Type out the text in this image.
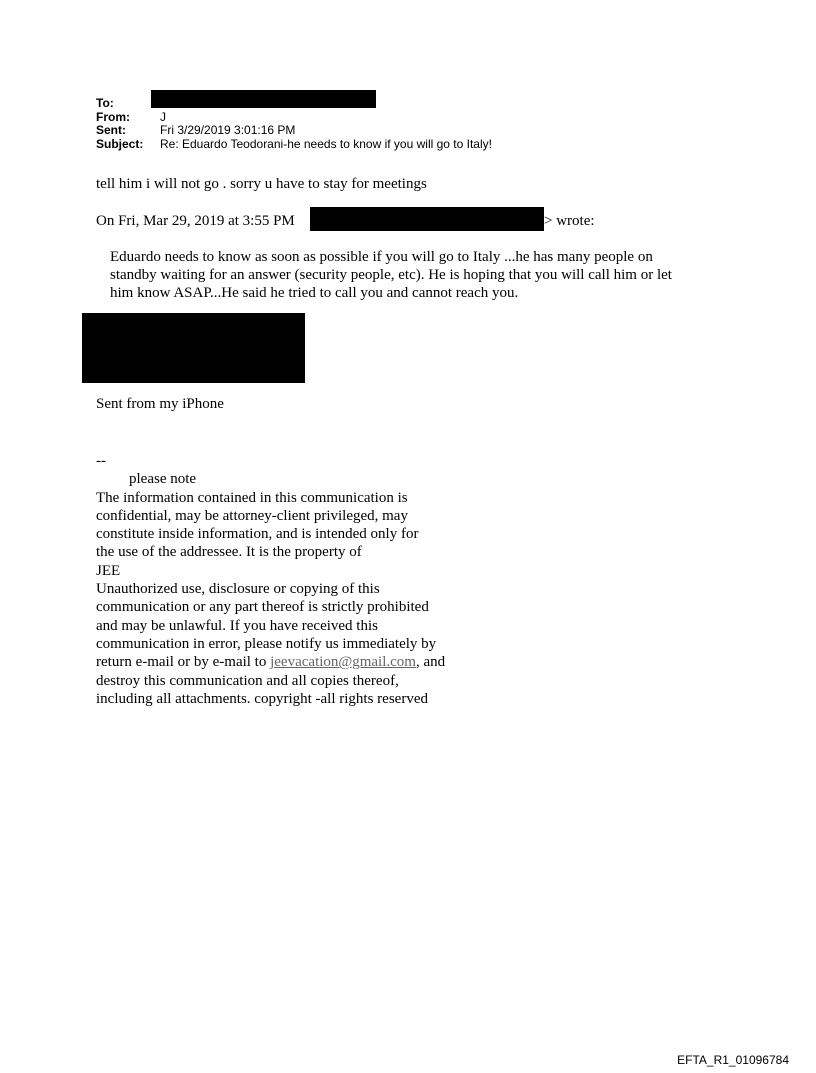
To:
From:	J
Sent:	Fri 3/29/2019 3:01:16 PM
Subject: Re: Eduardo Teodorani-he needs to know if you will go to Italy!
tell him i will not go . sorry u have to stay for meetings
On Fri, Mar 29, 2019 at 3:55 PM	> wrote:
Eduardo needs to know as soon as possible if you will go to Italy ...he has many people on
standby waiting for an answer (security people, etc). He is hoping that you will call him or let
him know ASAP...He said he tried to call you and cannot reach you.
Sent from my iPhone
--
please note
The information contained in this communication is
confidential, may be attorney-client privileged, may
constitute inside information, and is intended only for
the use of the addressee. It is the property of
JEE
Unauthorized use, disclosure or copying of this
communication or any part thereof is strictly prohibited
and may be unlawful. If you have received this
communication in error, please notify us immediately by
return e-mail or by e-mail to jeevacation@gmail.com, and
destroy this communication and all copies thereof,
including all attachments. copyright -all rights reserved
EFTA_R1_01096784
